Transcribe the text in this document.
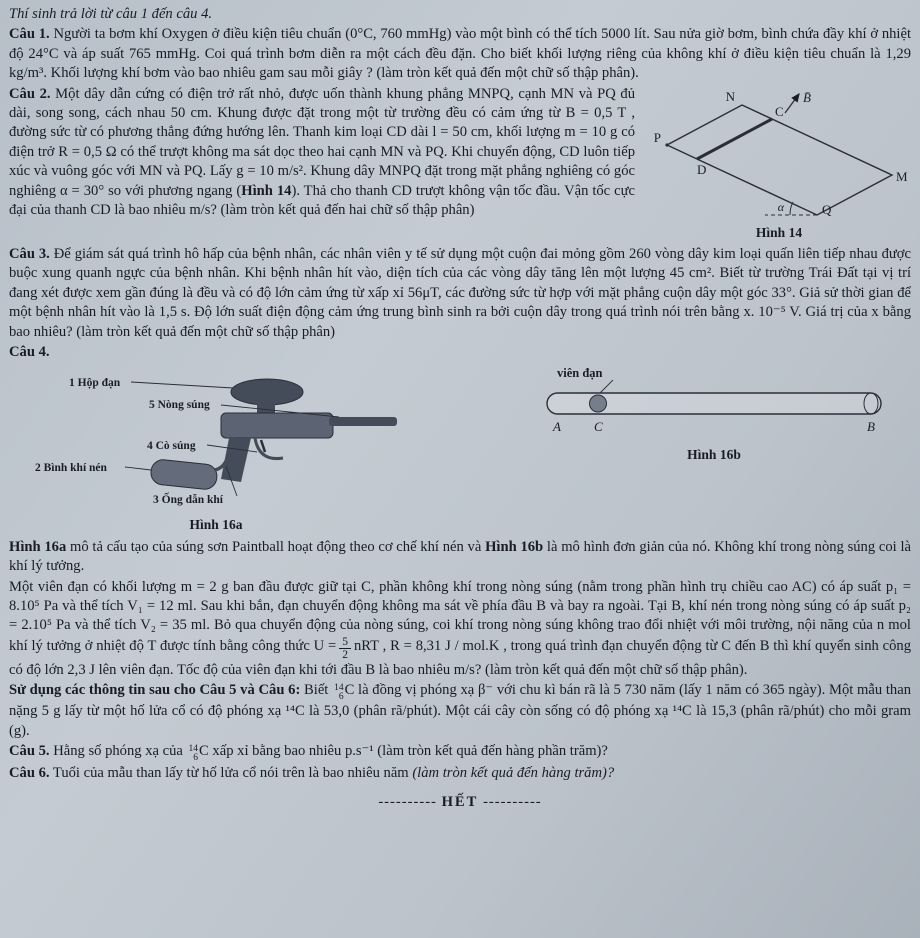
Thí sinh trả lời từ câu 1 đến câu 4.

Câu 1. Người ta bơm khí Oxygen ở điều kiện tiêu chuẩn (0°C, 760 mmHg) vào một bình có thể tích 5000 lít. Sau nửa giờ bơm, bình chứa đầy khí ở nhiệt độ 24°C và áp suất 765 mmHg. Coi quá trình bơm diễn ra một cách đều đặn. Cho biết khối lượng riêng của không khí ở điều kiện tiêu chuẩn là 1,29 kg/m³. Khối lượng khí bơm vào bao nhiêu gam sau mỗi giây ? (làm tròn kết quả đến một chữ số thập phân).

N
C
B̄
P
D	M
Q
α
Hình 14
Câu 2. Một dây dẫn cứng có điện trở rất nhỏ, được uốn thành khung phẳng MNPQ, cạnh MN và PQ đủ dài, song song, cách nhau 50 cm. Khung được đặt trong một từ trường đều có cảm ứng từ B = 0,5 T , đường sức từ có phương thẳng đứng hướng lên. Thanh kim loại CD dài l = 50 cm, khối lượng m = 10 g có điện trở R = 0,5 Ω có thể trượt không ma sát dọc theo hai cạnh MN và PQ. Khi chuyển động, CD luôn tiếp xúc và vuông góc với MN và PQ. Lấy g = 10 m/s². Khung dây MNPQ đặt trong mặt phẳng nghiêng có góc nghiêng α = 30° so với phương ngang (Hình 14). Thả cho thanh CD trượt không vận tốc đầu. Vận tốc cực đại của thanh CD là bao nhiêu m/s? (làm tròn kết quả đến hai chữ số thập phân)

Câu 3. Để giám sát quá trình hô hấp của bệnh nhân, các nhân viên y tế sử dụng một cuộn đai mỏng gồm 260 vòng dây kim loại quấn liên tiếp nhau được buộc xung quanh ngực của bệnh nhân. Khi bệnh nhân hít vào, diện tích của các vòng dây tăng lên một lượng 45 cm². Biết từ trường Trái Đất tại vị trí đang xét được xem gần đúng là đều và có độ lớn cảm ứng từ xấp xỉ 56μT, các đường sức từ hợp với mặt phẳng cuộn dây một góc 33°. Giả sử thời gian để một bệnh nhân hít vào là 1,5 s. Độ lớn suất điện động cảm ứng trung bình sinh ra bởi cuộn dây trong quá trình nói trên bằng x. 10⁻⁵ V. Giá trị của x bằng bao nhiêu? (làm tròn kết quả đến một chữ số thập phân)

Câu 4.

1 Hộp đạn
5 Nòng súng
4 Cò súng
2 Bình khí nén
3 Ống dẫn khí
Hình 16a
viên đạn
A	C	B
Hình 16b

Hình 16a mô tả cấu tạo của súng sơn Paintball hoạt động theo cơ chế khí nén và Hình 16b là mô hình đơn giản của nó. Không khí trong nòng súng coi là khí lý tưởng.

Một viên đạn có khối lượng m = 2 g ban đầu được giữ tại C, phần không khí trong nòng súng (nằm trong phần hình trụ chiều cao AC) có áp suất p₁ = 8.10⁵ Pa và thể tích V₁ = 12 ml. Sau khi bắn, đạn chuyển động không ma sát về phía đầu B và bay ra ngoài. Tại B, khí nén trong nòng súng có áp suất p₂ = 2.10⁵ Pa và thể tích V₂ = 35 ml. Bỏ qua chuyển động của nòng súng, coi khí trong nòng súng không trao đổi nhiệt với môi trường, nội năng của n mol khí lý tưởng ở nhiệt độ T được tính bằng công thức $U = \frac{5}{2}$ nRT , R = 8,31 J / mol.K , trong quá trình đạn chuyển động từ C đến B thì khí quyển sinh công có độ lớn 2,3 J lên viên đạn. Tốc độ của viên đạn khi tới đầu B là bao nhiêu m/s? (làm tròn kết quả đến một chữ số thập phân).

Sử dụng các thông tin sau cho Câu 5 và Câu 6: Biết 14
6 C là đồng vị phóng xạ β⁻ với chu kì bán rã là 5 730 năm (lấy 1 năm có 365 ngày). Một mẫu than nặng 5 g lấy từ một hố lửa cổ có độ phóng xạ ¹⁴C là 53,0 (phân rã/phút). Một cái cây còn sống có độ phóng xạ ¹⁴C là 15,3 (phân rã/phút) cho mỗi gram (g).

Câu 5. Hằng số phóng xạ của 14
6 C xấp xỉ bằng bao nhiêu p.s⁻¹ (làm tròn kết quả đến hàng phần trăm)?

Câu 6. Tuổi của mẫu than lấy từ hố lửa cổ nói trên là bao nhiêu năm (làm tròn kết quả đến hàng trăm)?

---------- HẾT ----------
